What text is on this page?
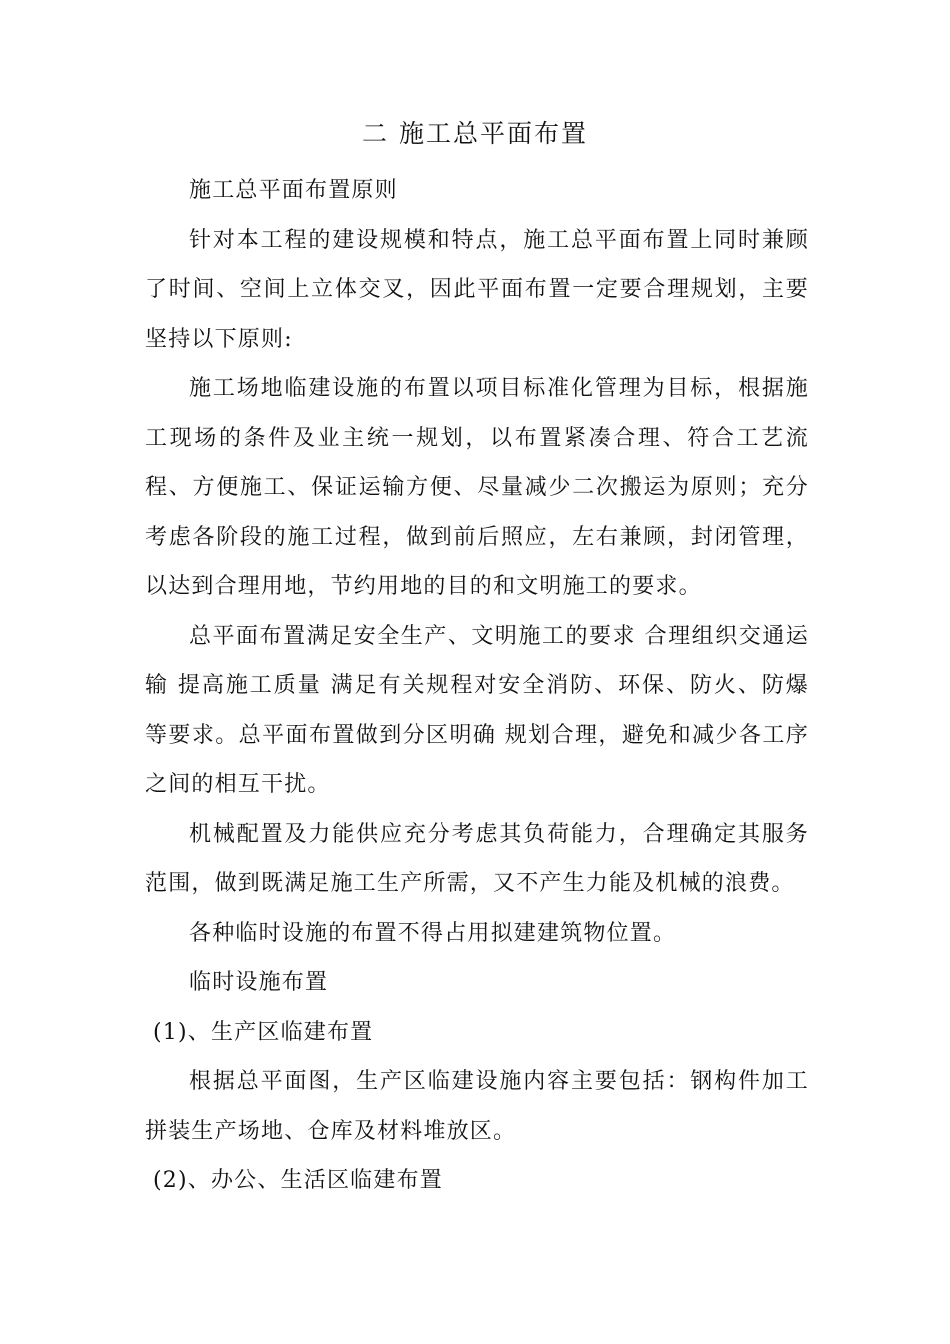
二 施工总平面布置

施工总平面布置原则

针对本工程的建设规模和特点，施工总平面布置上同时兼顾了时间、空间上立体交叉，因此平面布置一定要合理规划，主要坚持以下原则:

施工场地临建设施的布置以项目标准化管理为目标，根据施工现场的条件及业主统一规划，以布置紧凑合理、符合工艺流程、方便施工、保证运输方便、尽量减少二次搬运为原则；充分考虑各阶段的施工过程，做到前后照应，左右兼顾，封闭管理，以达到合理用地，节约用地的目的和文明施工的要求。

总平面布置满足安全生产、文明施工的要求 合理组织交通运输 提高施工质量 满足有关规程对安全消防、环保、防火、防爆等要求。总平面布置做到分区明确 规划合理，避免和减少各工序之间的相互干扰。

机械配置及力能供应充分考虑其负荷能力，合理确定其服务范围，做到既满足施工生产所需，又不产生力能及机械的浪费。

各种临时设施的布置不得占用拟建建筑物位置。

临时设施布置

(1)、生产区临建布置

根据总平面图，生产区临建设施内容主要包括：钢构件加工拼装生产场地、仓库及材料堆放区。

(2)、办公、生活区临建布置
